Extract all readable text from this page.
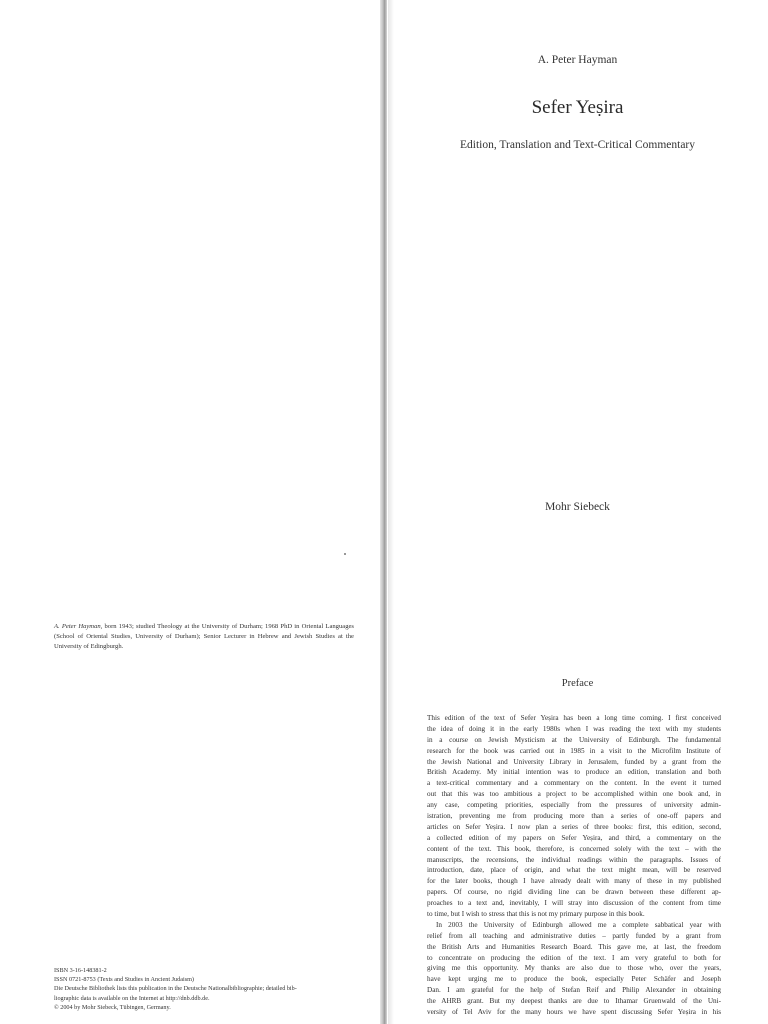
A. Peter Hayman, born 1943; studied Theology at the University of Durham; 1968 PhD in Oriental Languages (School of Oriental Studies, University of Durham); Senior Lecturer in Hebrew and Jewish Studies at the University of Edingburgh.
ISBN 3-16-148381-2
ISSN 0721-8753 (Texts and Studies in Ancient Judaism)
Die Deutsche Bibliothek lists this publication in the Deutsche Nationalbibliographie; detailed bib-
liographic data is available on the Internet at http://dnb.ddb.de.
© 2004 by Mohr Siebeck, Tübingen, Germany.
A. Peter Hayman
Sefer Yeṣira
Edition, Translation and Text-Critical Commentary
Mohr Siebeck
Preface
This edition of the text of Sefer Yeṣira has been a long time coming. I first conceived
the idea of doing it in the early 1980s when I was reading the text with my students
in a course on Jewish Mysticism at the University of Edinburgh. The fundamental
research for the book was carried out in 1985 in a visit to the Microfilm Institute of
the Jewish National and University Library in Jerusalem, funded by a grant from the
British Academy. My initial intention was to produce an edition, translation and both
a text-critical commentary and a commentary on the content. In the event it turned
out that this was too ambitious a project to be accomplished within one book and, in
any case, competing priorities, especially from the pressures of university admin-
istration, preventing me from producing more than a series of one-off papers and
articles on Sefer Yeṣira. I now plan a series of three books: first, this edition, second,
a collected edition of my papers on Sefer Yeṣira, and third, a commentary on the
content of the text. This book, therefore, is concerned solely with the text – with the
manuscripts, the recensions, the individual readings within the paragraphs. Issues of
introduction, date, place of origin, and what the text might mean, will be reserved
for the later books, though I have already dealt with many of these in my published
papers. Of course, no rigid dividing line can be drawn between these different ap-
proaches to a text and, inevitably, I will stray into discussion of the content from time
to time, but I wish to stress that this is not my primary purpose in this book.
In 2003 the University of Edinburgh allowed me a complete sabbatical year with
relief from all teaching and administrative duties – partly funded by a grant from
the British Arts and Humanities Research Board. This gave me, at last, the freedom
to concentrate on producing the edition of the text. I am very grateful to both for
giving me this opportunity. My thanks are also due to those who, over the years,
have kept urging me to produce the book, especially Peter Schäfer and Joseph
Dan. I am grateful for the help of Stefan Reif and Philip Alexander in obtaining
the AHRB grant. But my deepest thanks are due to Ithamar Gruenwald of the Uni-
versity of Tel Aviv for the many hours we have spent discussing Sefer Yeṣira in his
